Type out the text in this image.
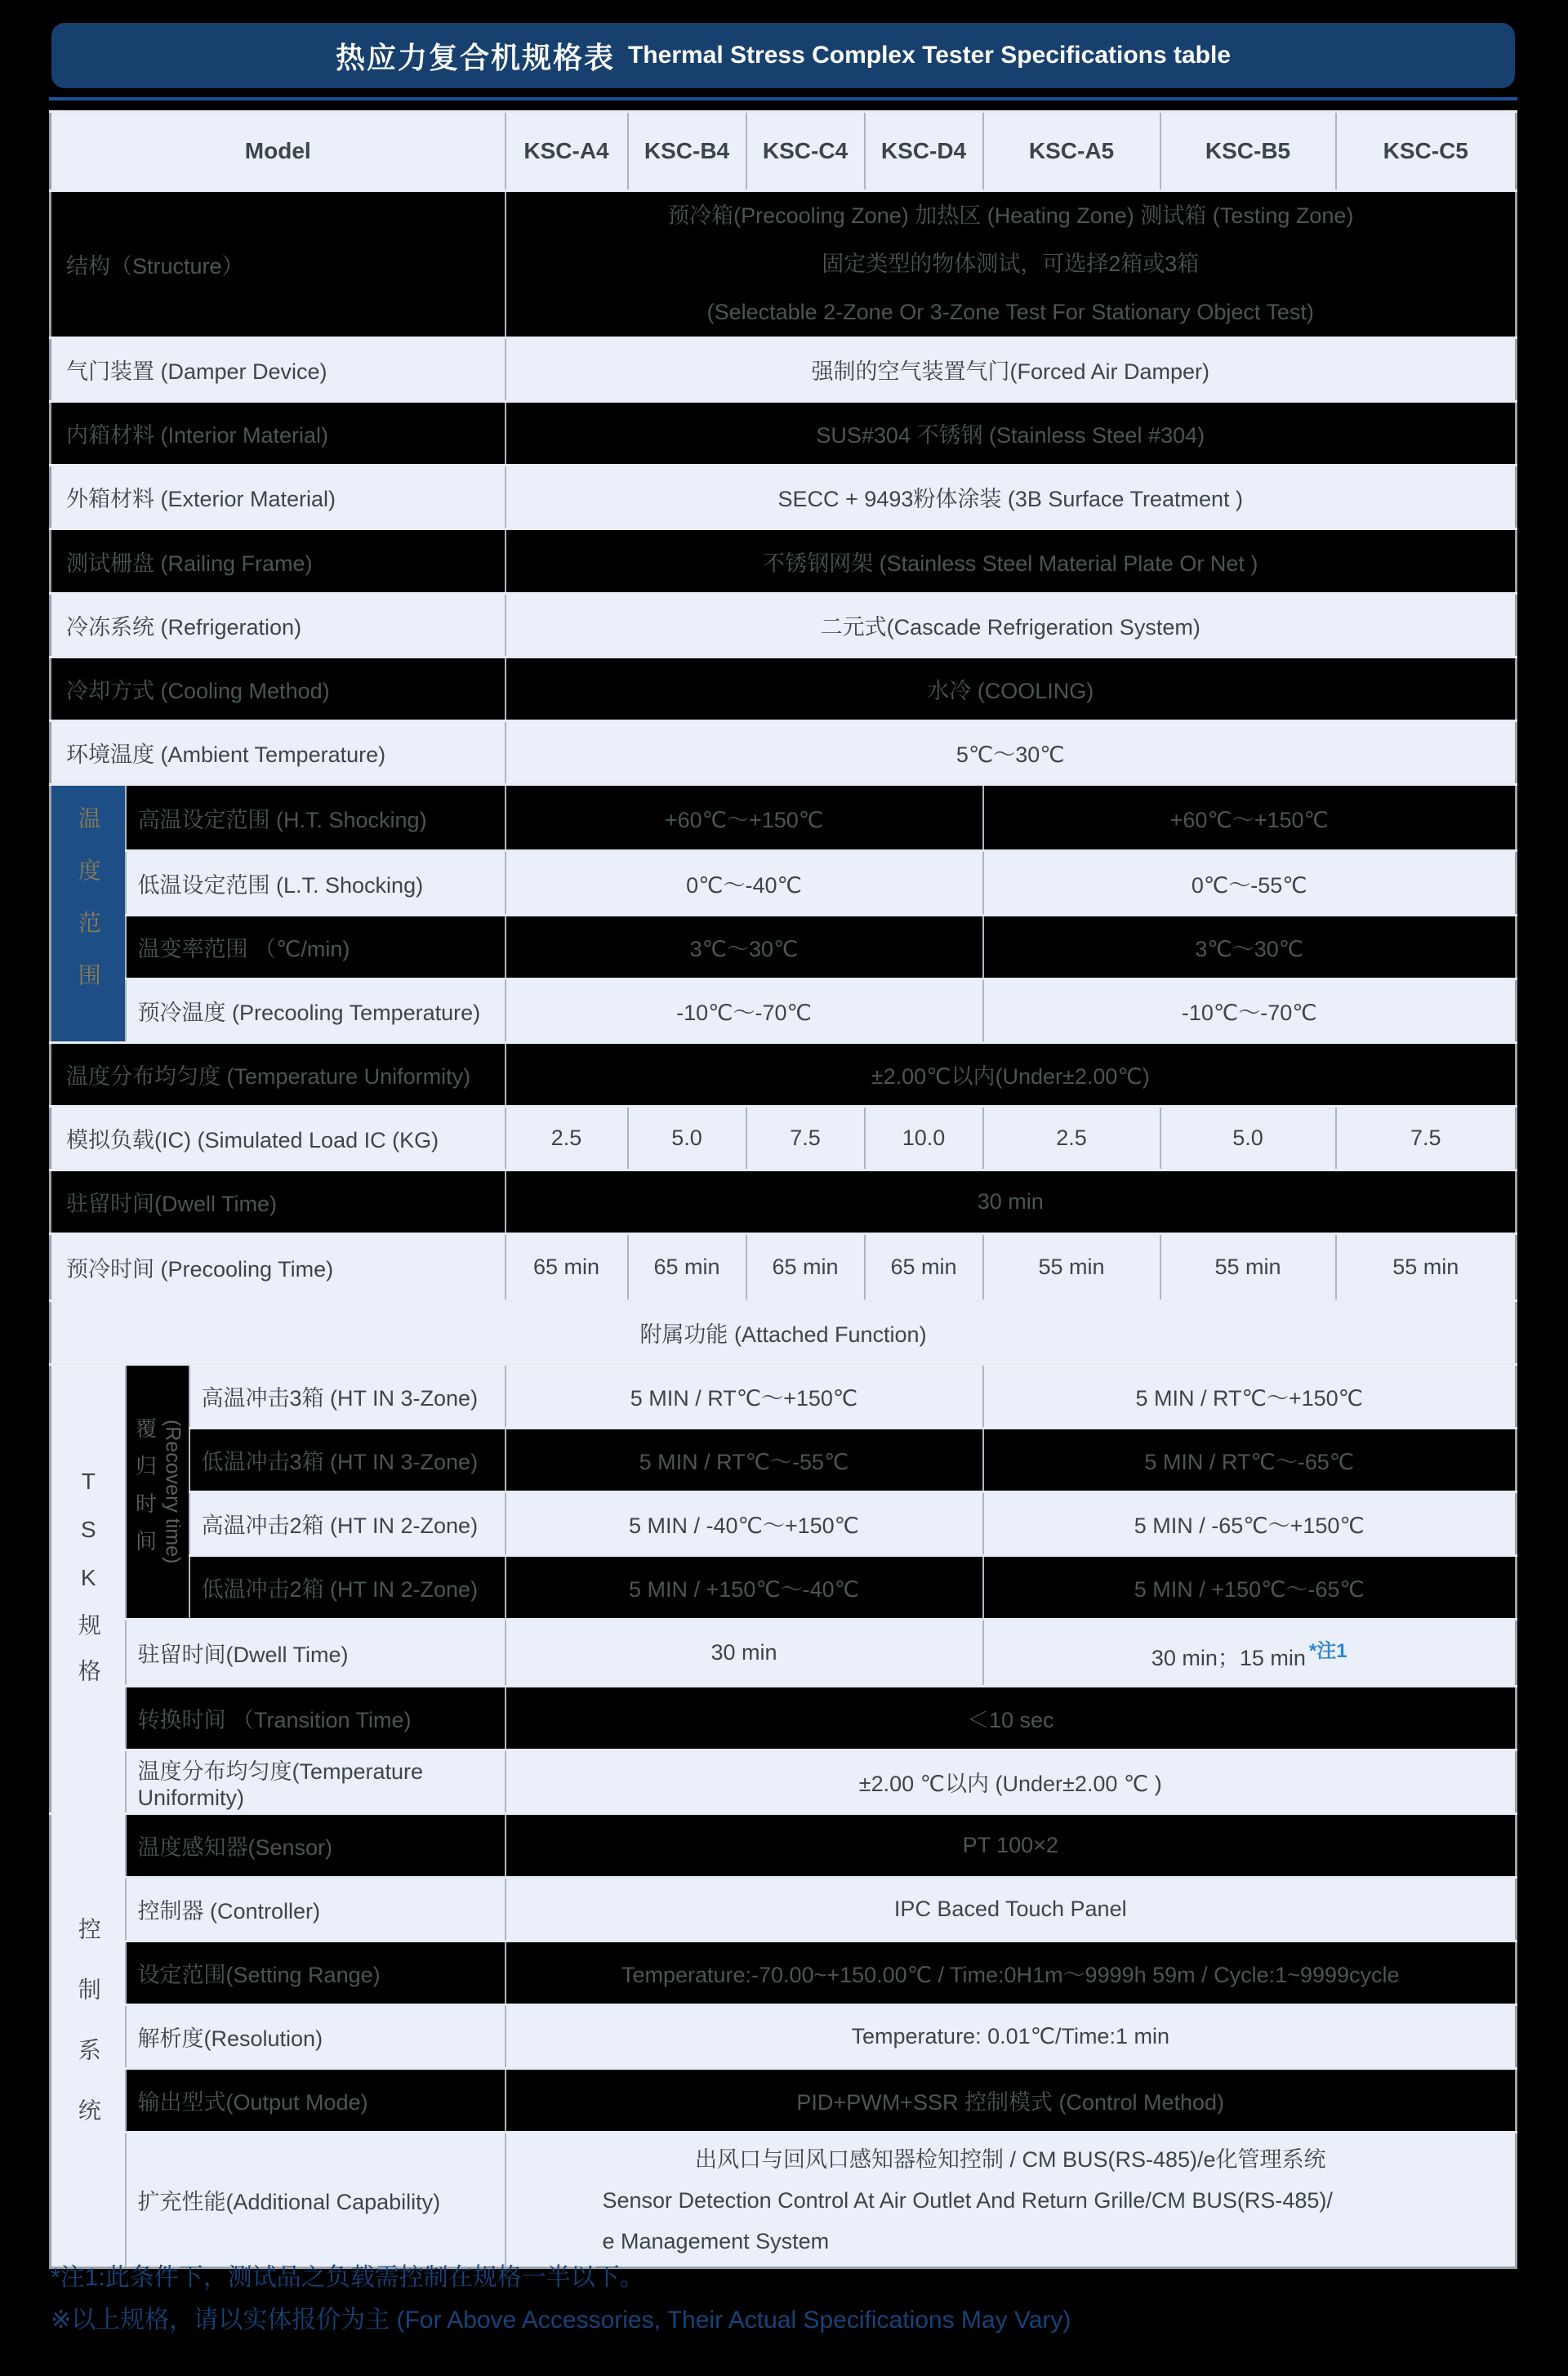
热应力复合机规格表 Thermal Stress Complex Tester Specifications table
Model			KSC-A4	KSC-B4	KSC-C4	KSC-D4	KSC-A5	KSC-B5	KSC-C5
结构（Structure）			预冷箱(Precooling Zone) 加热区 (Heating Zone) 测试箱 (Testing Zone)
固定类型的物体测试，可选择2箱或3箱
(Selectable 2-Zone Or 3-Zone Test For Stationary Object Test)						

气门装置 (Damper Device)			强制的空气装置气门(Forced Air Damper)						
内箱材料 (Interior Material)			SUS#304 不锈钢 (Stainless Steel #304)						
外箱材料 (Exterior Material)			SECC + 9493粉体涂装 (3B Surface Treatment )						
测试栅盘 (Railing Frame)			不锈钢网架 (Stainless Steel Material Plate Or Net )						
冷冻系统 (Refrigeration)			二元式(Cascade Refrigeration System)						
冷却方式 (Cooling Method)			水冷 (COOLING)						
环境温度 (Ambient Temperature)			5℃～30℃						
温度范围	高温设定范围 (H.T. Shocking)		+60℃～+150℃				+60℃～+150℃		
	低温设定范围 (L.T. Shocking)		0℃～-40℃				0℃～-55℃		
	温变率范围 （℃/min)		3℃～30℃				3℃～30℃		
	预冷温度 (Precooling Temperature)		-10℃～-70℃				-10℃～-70℃		
温度分布均匀度 (Temperature Uniformity)			±2.00℃以内(Under±2.00℃)						
模拟负载(IC) (Simulated Load IC (KG)			2.5	5.0	7.5	10.0	2.5	5.0	7.5
驻留时间(Dwell Time)			30 min						
预冷时间 (Precooling Time)			65 min	65 min	65 min	65 min	55 min	55 min	55 min
附属功能 (Attached Function)									
TSK规格	覆归时间 (Recovery time)	高温冲击3箱 (HT IN 3-Zone)	5 MIN / RT℃～+150℃				5 MIN / RT℃～+150℃		
		低温冲击3箱 (HT IN 3-Zone)	5 MIN / RT℃～-55℃				5 MIN / RT℃～-65℃		
		高温冲击2箱 (HT IN 2-Zone)	5 MIN / -40℃～+150℃				5 MIN / -65℃～+150℃		
		低温冲击2箱 (HT IN 2-Zone)	5 MIN / +150℃～-40℃				5 MIN / +150℃～-65℃		
	驻留时间(Dwell Time)		30 min				30 min；15 min $^{*注1}$
	转换时间 （Transition Time)		＜10 sec						
	温度分布均匀度(Temperature Uniformity)		±2.00 ℃以内 (Under±2.00 ℃ )						
控制系统	温度感知器(Sensor)		PT 100×2						
	控制器 (Controller)		IPC Baced Touch Panel						
	设定范围(Setting Range)		Temperature:-70.00~+150.00℃ / Time:0H1m～9999h 59m / Cycle:1~9999cycle						
	解析度(Resolution)		Temperature: 0.01℃/Time:1 min						
	输出型式(Output Mode)		PID+PWM+SSR 控制模式 (Control Method)						
	扩充性能(Additional Capability)		出风口与回风口感知器检知控制 / CM BUS(RS-485)/e化管理系统
Sensor Detection Control At Air Outlet And Return Grille/CM BUS(RS-485)/
e Management System						
*注1:此条件下，测试品之负载需控制在规格一半以下。
※以上规格，请以实体报价为主 (For Above Accessories, Their Actual Specifications May Vary)
